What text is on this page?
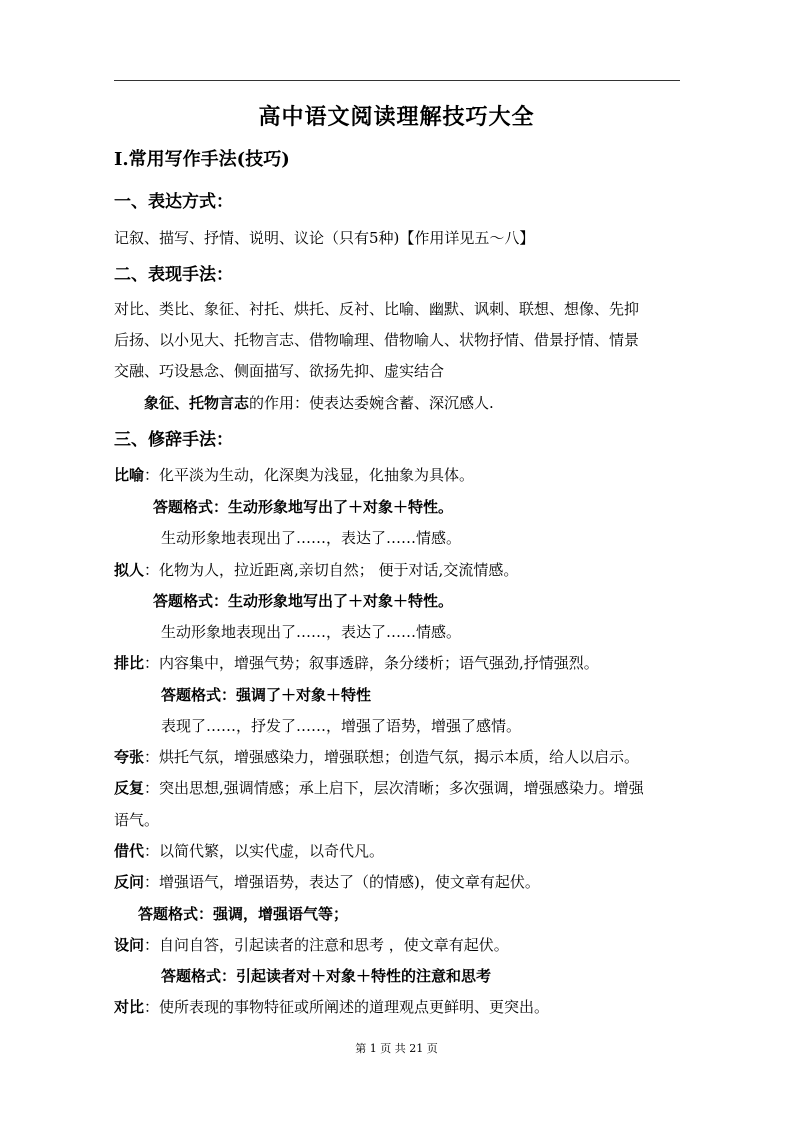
高中语文阅读理解技巧大全
Ⅰ.常用写作手法(技巧)
一、表达方式：
记叙、描写、抒情、说明、议论（只有5种)【作用详见五～八】
二、表现手法：
对比、类比、象征、衬托、烘托、反衬、比喻、幽默、讽刺、联想、想像、先抑
后扬、以小见大、托物言志、借物喻理、借物喻人、状物抒情、借景抒情、情景
交融、巧设悬念、侧面描写、欲扬先抑、虚实结合
象征、托物言志的作用：使表达委婉含蓄、深沉感人.
三、修辞手法：
比喻：化平淡为生动，化深奥为浅显，化抽象为具体。
答题格式：生动形象地写出了＋对象＋特性。
生动形象地表现出了……，表达了……情感。
拟人：化物为人，拉近距离,亲切自然； 便于对话,交流情感。
答题格式：生动形象地写出了＋对象＋特性。
生动形象地表现出了……，表达了……情感。
排比：内容集中，增强气势；叙事透辟，条分缕析；语气强劲,抒情强烈。
答题格式：强调了＋对象＋特性
表现了……，抒发了……，增强了语势，增强了感情。
夸张：烘托气氛，增强感染力，增强联想；创造气氛，揭示本质，给人以启示。
反复：突出思想,强调情感；承上启下，层次清晰；多次强调，增强感染力。增强
语气。
借代：以简代繁，以实代虚，以奇代凡。
反问：增强语气，增强语势，表达了（的情感)，使文章有起伏。
答题格式：强调，增强语气等；
设问：自问自答，引起读者的注意和思考 ，使文章有起伏。
答题格式：引起读者对＋对象＋特性的注意和思考
对比：使所表现的事物特征或所阐述的道理观点更鲜明、更突出。
第 1 页 共 21 页
